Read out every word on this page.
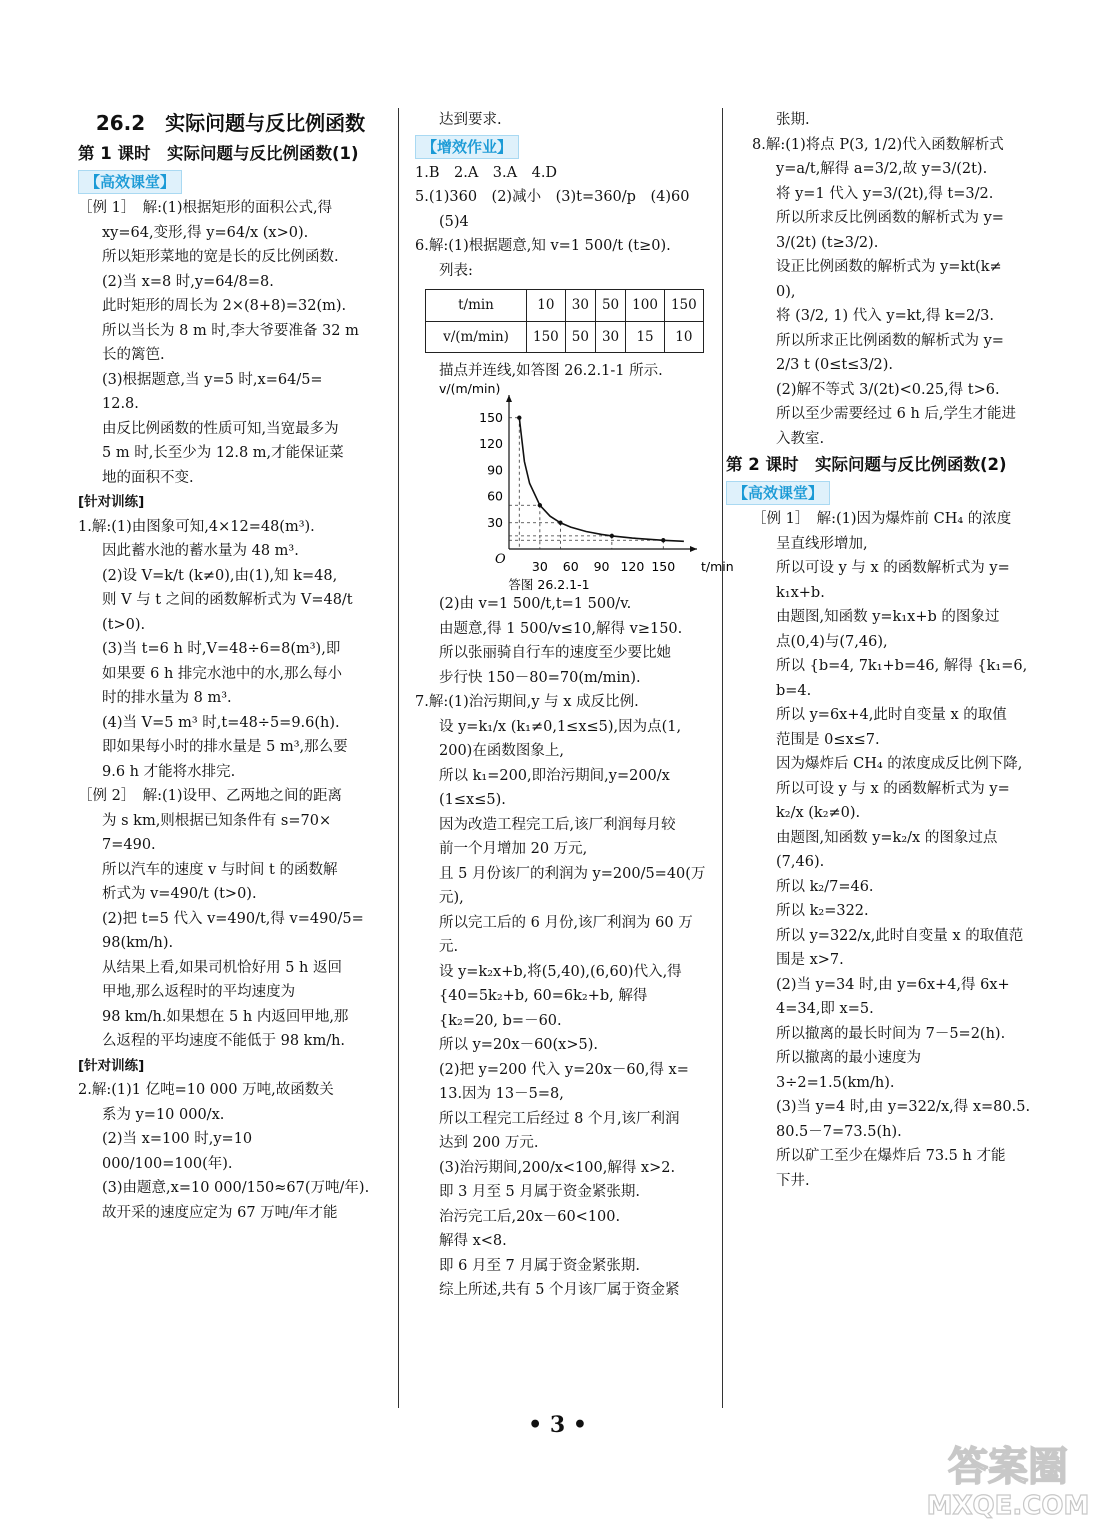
26.2　实际问题与反比例函数
第 1 课时　实际问题与反比例函数(1)
【高效课堂】
［例 1］　解:(1)根据矩形的面积公式,得
xy=64,变形,得 y=64/x (x>0).
所以矩形菜地的宽是长的反比例函数.
(2)当 x=8 时,y=64/8=8.
此时矩形的周长为 2×(8+8)=32(m).
所以当长为 8 m 时,李大爷要准备 32 m
长的篱笆.
(3)根据题意,当 y=5 时,x=64/5=
12.8.
由反比例函数的性质可知,当宽最多为
5 m 时,长至少为 12.8 m,才能保证菜
地的面积不变.
[针对训练]
1.解:(1)由图象可知,4×12=48(m³).
因此蓄水池的蓄水量为 48 m³.
(2)设 V=k/t (k≠0),由(1),知 k=48,
则 V 与 t 之间的函数解析式为 V=48/t (t>0).
(3)当 t=6 h 时,V=48÷6=8(m³),即
如果要 6 h 排完水池中的水,那么每小
时的排水量为 8 m³.
(4)当 V=5 m³ 时,t=48÷5=9.6(h).
即如果每小时的排水量是 5 m³,那么要
9.6 h 才能将水排完.
［例 2］　解:(1)设甲、乙两地之间的距离
为 s km,则根据已知条件有 s=70×
7=490.
所以汽车的速度 v 与时间 t 的函数解
析式为 v=490/t (t>0).
(2)把 t=5 代入 v=490/t,得 v=490/5=
98(km/h).
从结果上看,如果司机恰好用 5 h 返回
甲地,那么返程时的平均速度为
98 km/h.如果想在 5 h 内返回甲地,那
么返程的平均速度不能低于 98 km/h.
[针对训练]
2.解:(1)1 亿吨=10 000 万吨,故函数关
系为 y=10 000/x.
(2)当 x=100 时,y=10 000/100=100(年).
(3)由题意,x=10 000/150≈67(万吨/年).
故开采的速度应定为 67 万吨/年才能
达到要求.
【增效作业】
1.B　2.A　3.A　4.D
5.(1)360　(2)减小　(3)t=360/p　(4)60
(5)4
6.解:(1)根据题意,知 v=1 500/t (t≥0).
列表:
t/min	10	30	50	100	150
v/(m/min)	150	50	30	15	10
描点并连线,如答图 26.2.1-1 所示.
v/(m/min)
t/min
O 30 60 90 120 150
30
60
90
120
150
答图 26.2.1-1
(2)由 v=1 500/t,t=1 500/v.
由题意,得 1 500/v≤10,解得 v≥150.
所以张丽骑自行车的速度至少要比她
步行快 150－80=70(m/min).
7.解:(1)治污期间,y 与 x 成反比例.
设 y=k₁/x (k₁≠0,1≤x≤5),因为点(1,
200)在函数图象上,
所以 k₁=200,即治污期间,y=200/x
(1≤x≤5).
因为改造工程完工后,该厂利润每月较
前一个月增加 20 万元,
且 5 月份该厂的利润为 y=200/5=40(万元),
所以完工后的 6 月份,该厂利润为 60 万元.
设 y=k₂x+b,将(5,40),(6,60)代入,得
{40=5k₂+b, 60=6k₂+b, 解得 {k₂=20, b=－60.
所以 y=20x－60(x>5).
(2)把 y=200 代入 y=20x－60,得 x=
13.因为 13－5=8,
所以工程完工后经过 8 个月,该厂利润
达到 200 万元.
(3)治污期间,200/x<100,解得 x>2.
即 3 月至 5 月属于资金紧张期.
治污完工后,20x－60<100.
解得 x<8.
即 6 月至 7 月属于资金紧张期.
综上所述,共有 5 个月该厂属于资金紧
张期.
8.解:(1)将点 P(3, 1/2)代入函数解析式
y=a/t,解得 a=3/2,故 y=3/(2t).
将 y=1 代入 y=3/(2t),得 t=3/2.
所以所求反比例函数的解析式为 y=
3/(2t) (t≥3/2).
设正比例函数的解析式为 y=kt(k≠
0),
将 (3/2, 1) 代入 y=kt,得 k=2/3.
所以所求正比例函数的解析式为 y=
2/3 t (0≤t≤3/2).
(2)解不等式 3/(2t)<0.25,得 t>6.
所以至少需要经过 6 h 后,学生才能进
入教室.
第 2 课时　实际问题与反比例函数(2)
【高效课堂】
［例 1］　解:(1)因为爆炸前 CH₄ 的浓度
呈直线形增加,
所以可设 y 与 x 的函数解析式为 y=
k₁x+b.
由题图,知函数 y=k₁x+b 的图象过
点(0,4)与(7,46),
所以 {b=4, 7k₁+b=46, 解得 {k₁=6, b=4.
所以 y=6x+4,此时自变量 x 的取值
范围是 0≤x≤7.
因为爆炸后 CH₄ 的浓度成反比例下降,
所以可设 y 与 x 的函数解析式为 y=
k₂/x (k₂≠0).
由题图,知函数 y=k₂/x 的图象过点(7,46).
所以 k₂/7=46.
所以 k₂=322.
所以 y=322/x,此时自变量 x 的取值范
围是 x>7.
(2)当 y=34 时,由 y=6x+4,得 6x+
4=34,即 x=5.
所以撤离的最长时间为 7－5=2(h).
所以撤离的最小速度为 3÷2=1.5(km/h).
(3)当 y=4 时,由 y=322/x,得 x=80.5.
80.5－7=73.5(h).
所以矿工至少在爆炸后 73.5 h 才能
下井.
• 3 •
答案圈
MXQE.COM
